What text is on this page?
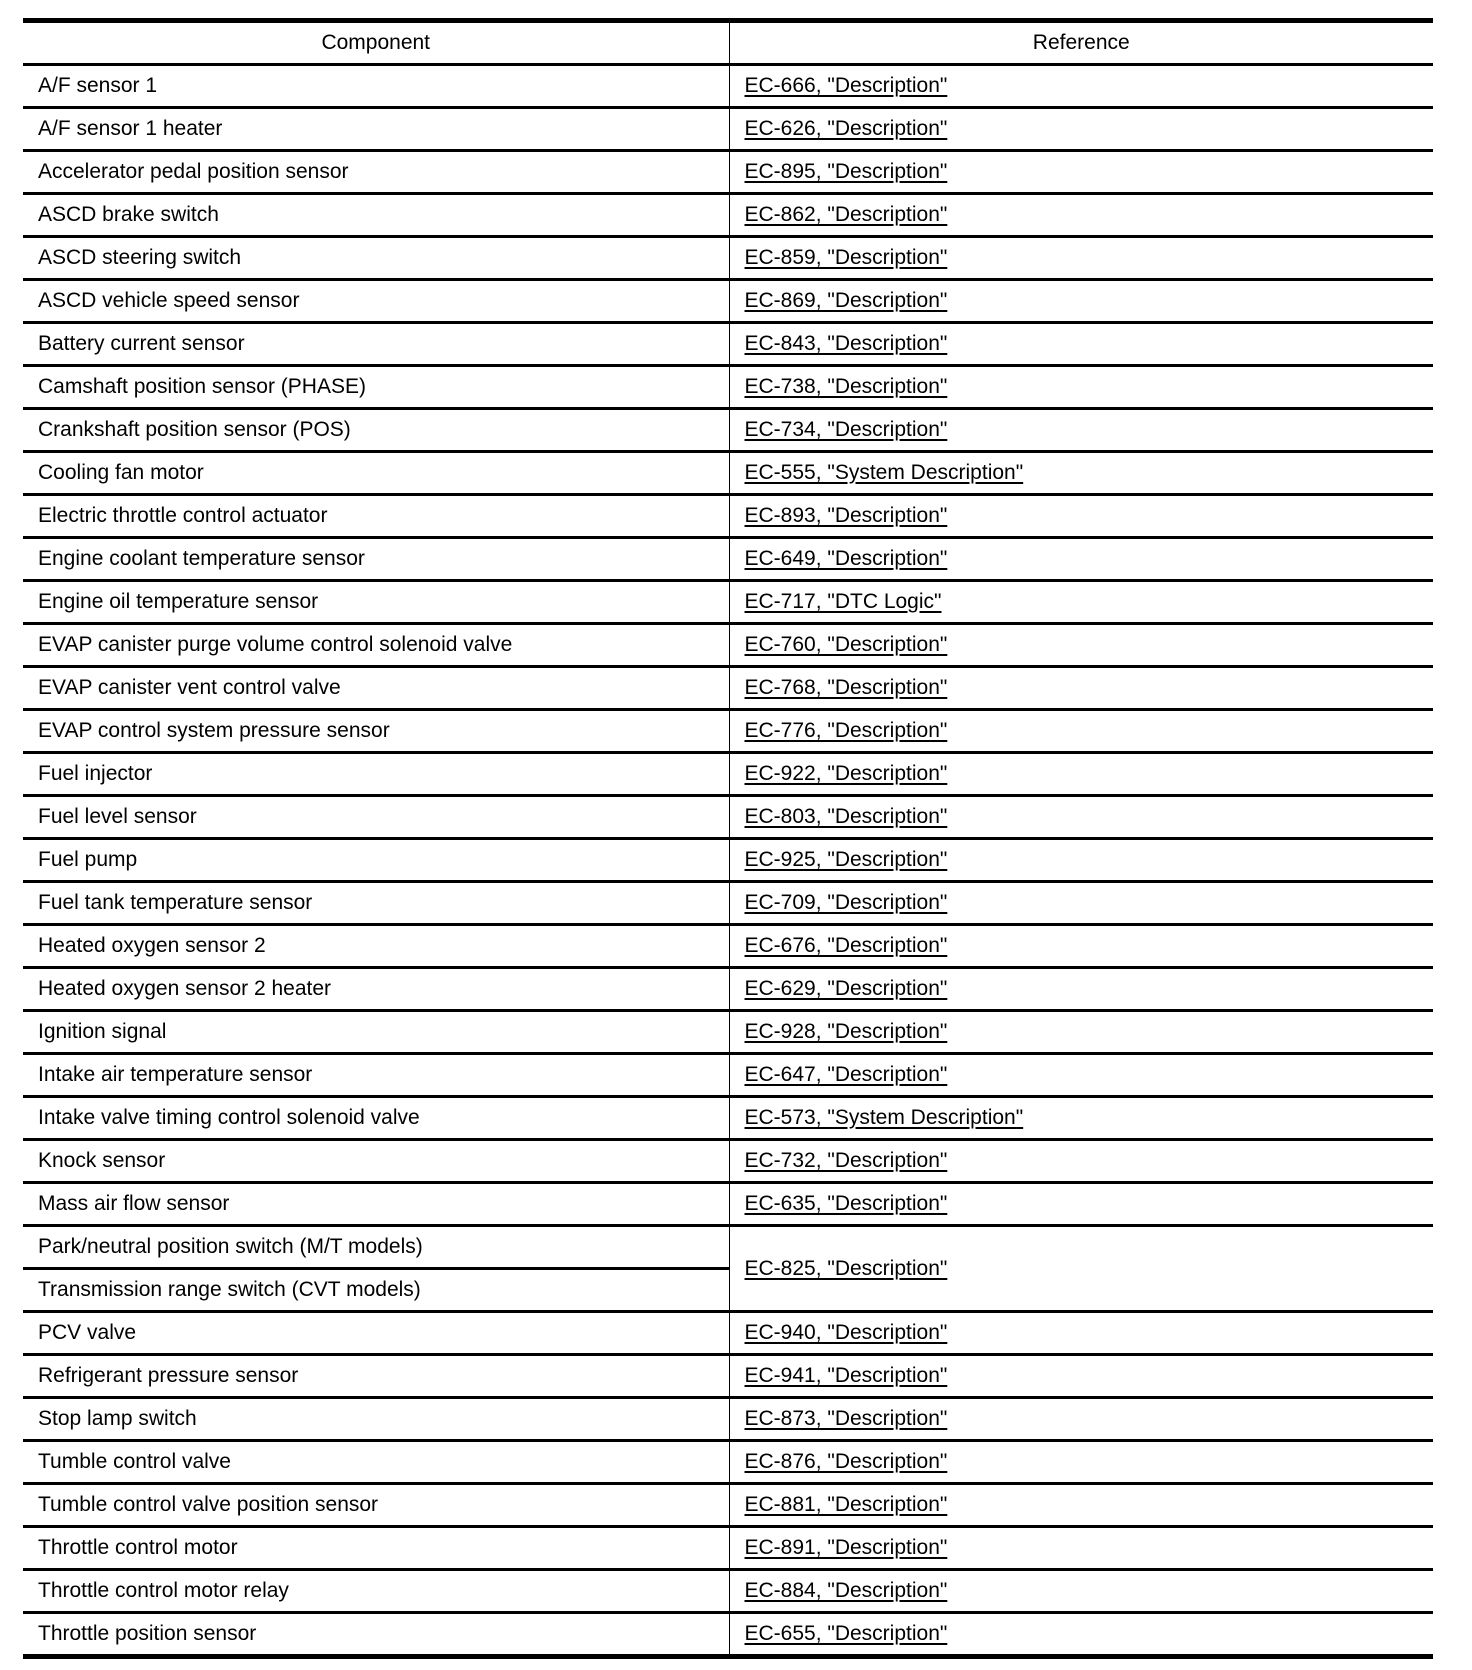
Component	Reference
A/F sensor 1	EC-666, "Description"
A/F sensor 1 heater	EC-626, "Description"
Accelerator pedal position sensor	EC-895, "Description"
ASCD brake switch	EC-862, "Description"
ASCD steering switch	EC-859, "Description"
ASCD vehicle speed sensor	EC-869, "Description"
Battery current sensor	EC-843, "Description"
Camshaft position sensor (PHASE)	EC-738, "Description"
Crankshaft position sensor (POS)	EC-734, "Description"
Cooling fan motor	EC-555, "System Description"
Electric throttle control actuator	EC-893, "Description"
Engine coolant temperature sensor	EC-649, "Description"
Engine oil temperature sensor	EC-717, "DTC Logic"
EVAP canister purge volume control solenoid valve	EC-760, "Description"
EVAP canister vent control valve	EC-768, "Description"
EVAP control system pressure sensor	EC-776, "Description"
Fuel injector	EC-922, "Description"
Fuel level sensor	EC-803, "Description"
Fuel pump	EC-925, "Description"
Fuel tank temperature sensor	EC-709, "Description"
Heated oxygen sensor 2	EC-676, "Description"
Heated oxygen sensor 2 heater	EC-629, "Description"
Ignition signal	EC-928, "Description"
Intake air temperature sensor	EC-647, "Description"
Intake valve timing control solenoid valve	EC-573, "System Description"
Knock sensor	EC-732, "Description"
Mass air flow sensor	EC-635, "Description"
Park/neutral position switch (M/T models)	EC-825, "Description"
Transmission range switch (CVT models)	
PCV valve	EC-940, "Description"
Refrigerant pressure sensor	EC-941, "Description"
Stop lamp switch	EC-873, "Description"
Tumble control valve	EC-876, "Description"
Tumble control valve position sensor	EC-881, "Description"
Throttle control motor	EC-891, "Description"
Throttle control motor relay	EC-884, "Description"
Throttle position sensor	EC-655, "Description"
